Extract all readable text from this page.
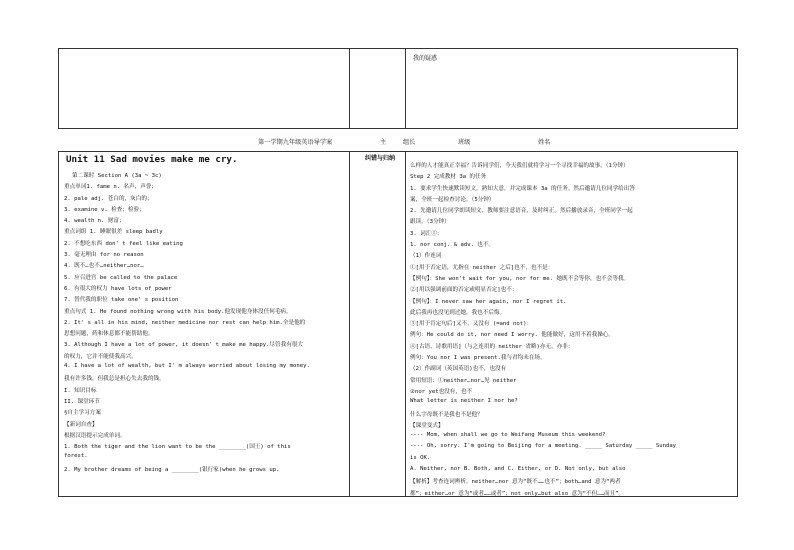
我的疑惑
第一学期九年级英语导学案	主	组长	班级	姓名
Unit 11 Sad movies make me cry.	纠错与归纳
第二课时 Section A (3a ~ 3c)
重点单词1. fame n. 名声，声誉；
2. pale adj. 苍白的，灰白的；
3. examine v. 检查；检验；
4. wealth n. 财富；
重点词组 1. 睡眠很差 sleep badly
2. 不想吃东西 don' t feel like eating
3. 毫无理由 for no reason
4. 既不…也不…neither…nor…
5. 应召进宫 be called to the palace
6. 有很大的权力 have lots of power
7. 替代我的职位 take one' s position
重点句式 1. He found nothing wrong with his body.他发现他身体没任何毛病。
2. It' s all in his mind, neither medicine nor rest can help him.全是他的
思想问题，药和休息都不能帮助他。
3. Although I have a lot of power, it doesn' t make me happy.尽管我有很大
的权力，它并不能使我高兴。
4. I have a lot of wealth, but I' m always worried about losing my money.
我有许多钱，但我总是担心失去我的钱。
I. 知识目标
II. 课堂环节
§自主学习方案
【新词自查】
根据汉语提示完成单词。
1. Both the tiger and the lion want to be the ________(国王) of this
forest.
2. My brother dreams of being a ________(银行家)when he grows up.
么样的人才能真正幸福？告诉同学们，今天我们就将学习一个寻找幸福的故事。（1分钟）
Step 2 完成教材 3a 的任务
1. 要求学生快速默读短文，熟知大意，并完成课本 3a 的任务。然后邀请几位同学给出答
案，全班一起检查讨论。（5分钟）
2. 先邀请几位同学朗读短文，教师要注意语音，及时纠正。然后播放录音，全班同学一起
跟读。（3分钟）
3. 词汇①：
1. nor conj. & adv. 也不。
（1）作连词
①[用于否定语，尤指在 neither 之后]也不，也不是：
【例句】：She won't wait for you, nor for me. 她既不会等你，也不会等我。
②[用以强调前面的否定或明显否定]也不：
【例句】：I never saw her again, nor I regret it.
此后我再也没见到过她，我也不后悔。
③[用于肯定句后]又不，又没有 (=and not)：
例句：He could do it, nor need I worry. 他能做好，这用不着我操心。
④[古语、诗歌用语]（与之连用的 neither 省略)亦无，亦非：
例句：You nor I was present.我与君均未在场。
（2）作副词（英国英语)也不，也没有
常用短语：①neither…nor…见 neither
②nor yet也没有，也不
What letter is neither I nor he?
什么字母既不是我也不是他？
【课堂变式】
---- Mom, when shall we go to Weifang Museum this weekend?
---- Oh, sorry. I'm going to Beijing for a meeting. _____ Saturday _____ Sunday
is OK.
A. Neither, nor B. Both, and C. Either, or D. Not only, but also
【解析】考查连词辨析。neither…nor 意为“既不……也不”；both…and 意为“两者
都”；either…or 意为“或者……或者”；not only…but also 意为“不但……而且”。
